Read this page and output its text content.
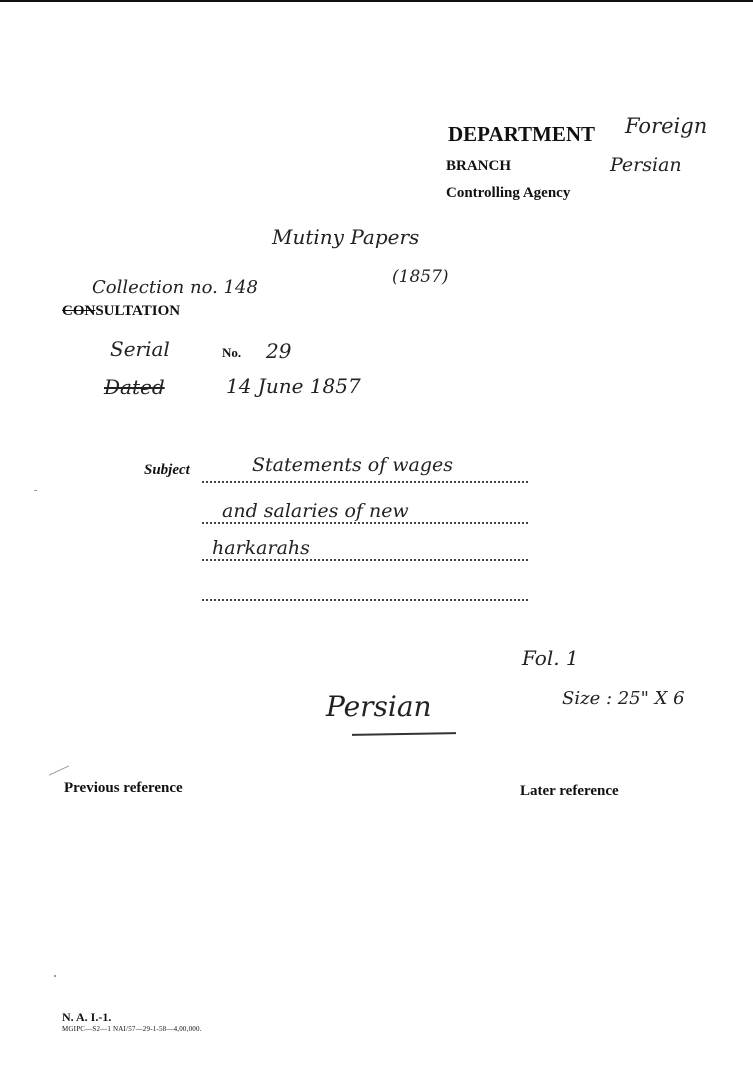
DEPARTMENT Foreign
BRANCH	Persian
Controlling Agency
Mutiny Papers
(1857)
Collection no. 148
CONSULTATION
Serial	No. 29
Dated	14 June 1857
Subject	Statements of wages
and salaries of new
harkarahs
Fol. 1
Size : 25" X 6
Persian
Previous reference	Later reference
N. A. I.-1.
MGIPC—S2—1 NAI/57—29-1-58—4,00,000.
